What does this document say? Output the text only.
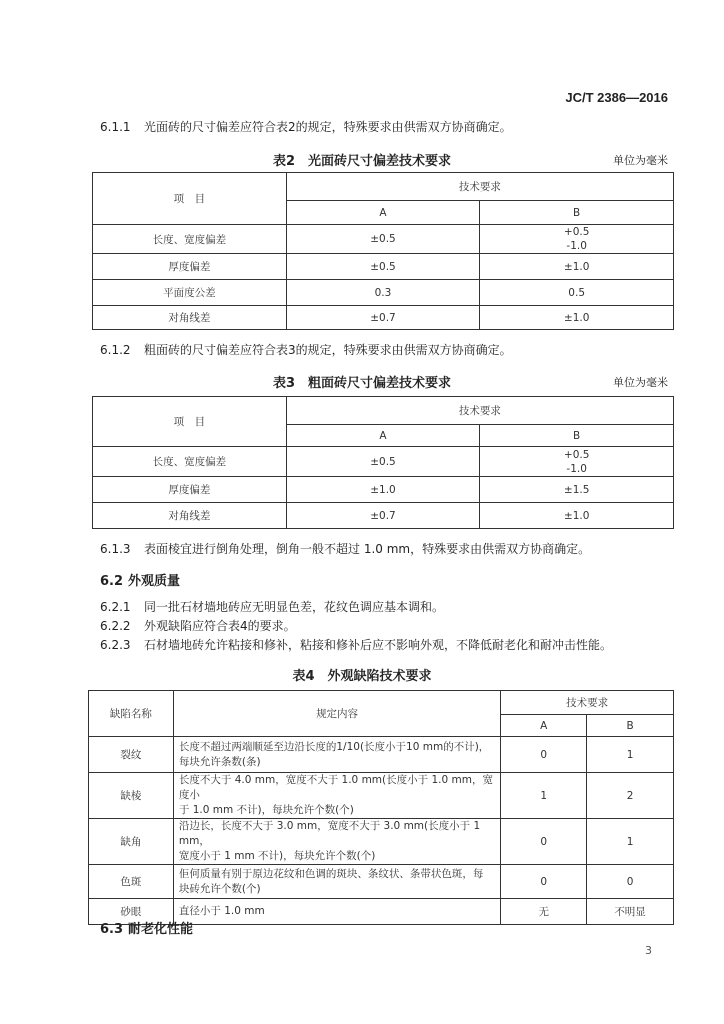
JC/T 2386—2016
6.1.1 光面砖的尺寸偏差应符合表2的规定，特殊要求由供需双方协商确定。
表2　光面砖尺寸偏差技术要求	单位为毫米
项　目	技术要求	
	A	B
长度、宽度偏差	±0.5	+0.5
-1.0

厚度偏差	±0.5	±1.0
平面度公差	0.3	0.5
对角线差	±0.7	±1.0
6.1.2 粗面砖的尺寸偏差应符合表3的规定，特殊要求由供需双方协商确定。
表3　粗面砖尺寸偏差技术要求	单位为毫米
项　目	技术要求	
	A	B
长度、宽度偏差	±0.5	+0.5
-1.0

厚度偏差	±1.0	±1.5
对角线差	±0.7	±1.0
6.1.3 表面棱宜进行倒角处理，倒角一般不超过 1.0 mm，特殊要求由供需双方协商确定。
6.2 外观质量
6.2.1 同一批石材墙地砖应无明显色差，花纹色调应基本调和。
6.2.2 外观缺陷应符合表4的要求。
6.2.3 石材墙地砖允许粘接和修补，粘接和修补后应不影响外观，不降低耐老化和耐冲击性能。
表4　外观缺陷技术要求
缺陷名称	规定内容	技术要求	
		A	B
裂纹	长度不超过两端顺延至边沿长度的1/10(长度小于10 mm的不计)，
每块允许条数(条)	0	1
缺棱	长度不大于 4.0 mm，宽度不大于 1.0 mm(长度小于 1.0 mm，宽度小
于 1.0 mm 不计)，每块允许个数(个)	1	2
缺角	沿边长，长度不大于 3.0 mm，宽度不大于 3.0 mm(长度小于 1 mm，
宽度小于 1 mm 不计)，每块允许个数(个)	0	1
色斑	佢何质量有别于原边花纹和色调的斑块、条纹状、条带状色斑，每
块砖允许个数(个)	0	0
砂眼	直径小于 1.0 mm	无	不明显
6.3 耐老化性能
3
